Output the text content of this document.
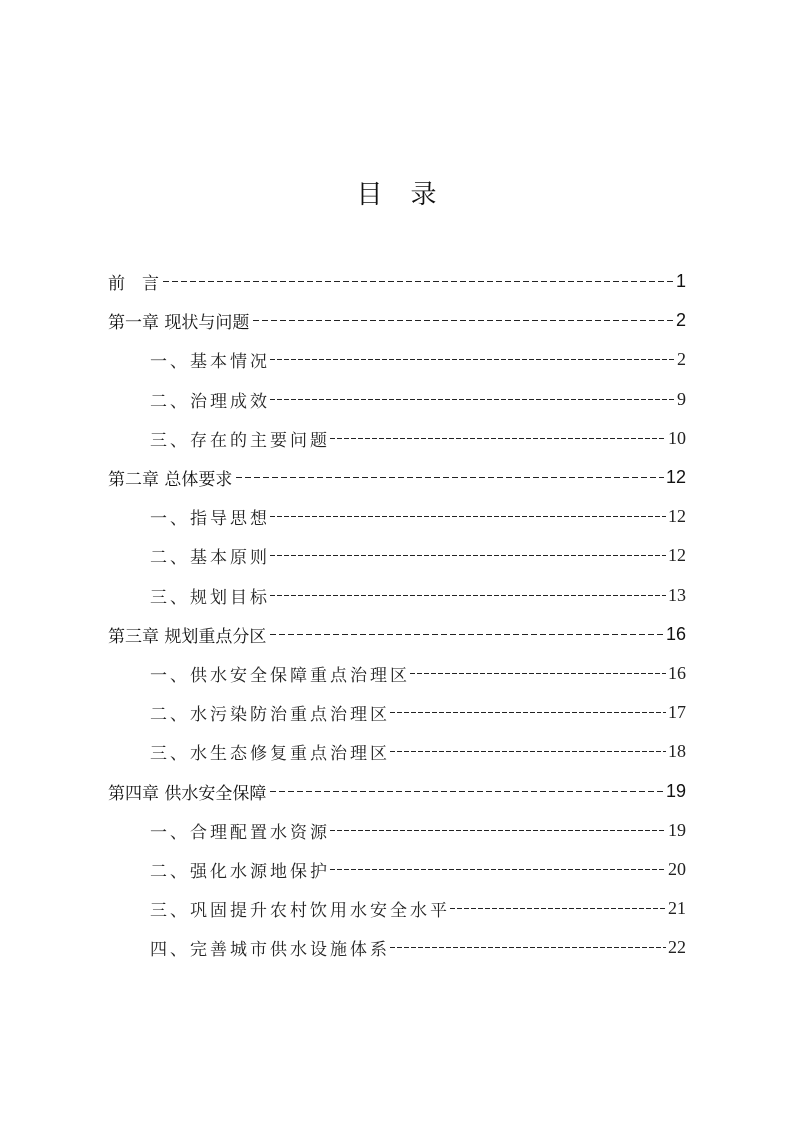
目录
前　言	1
第一章 现状与问题	2
一、基本情况	2
二、治理成效	9
三、存在的主要问题	10
第二章 总体要求	12
一、指导思想	12
二、基本原则	12
三、规划目标	13
第三章 规划重点分区	16
一、供水安全保障重点治理区	16
二、水污染防治重点治理区	17
三、水生态修复重点治理区	18
第四章 供水安全保障	19
一、合理配置水资源	19
二、强化水源地保护	20
三、巩固提升农村饮用水安全水平	21
四、完善城市供水设施体系	22
